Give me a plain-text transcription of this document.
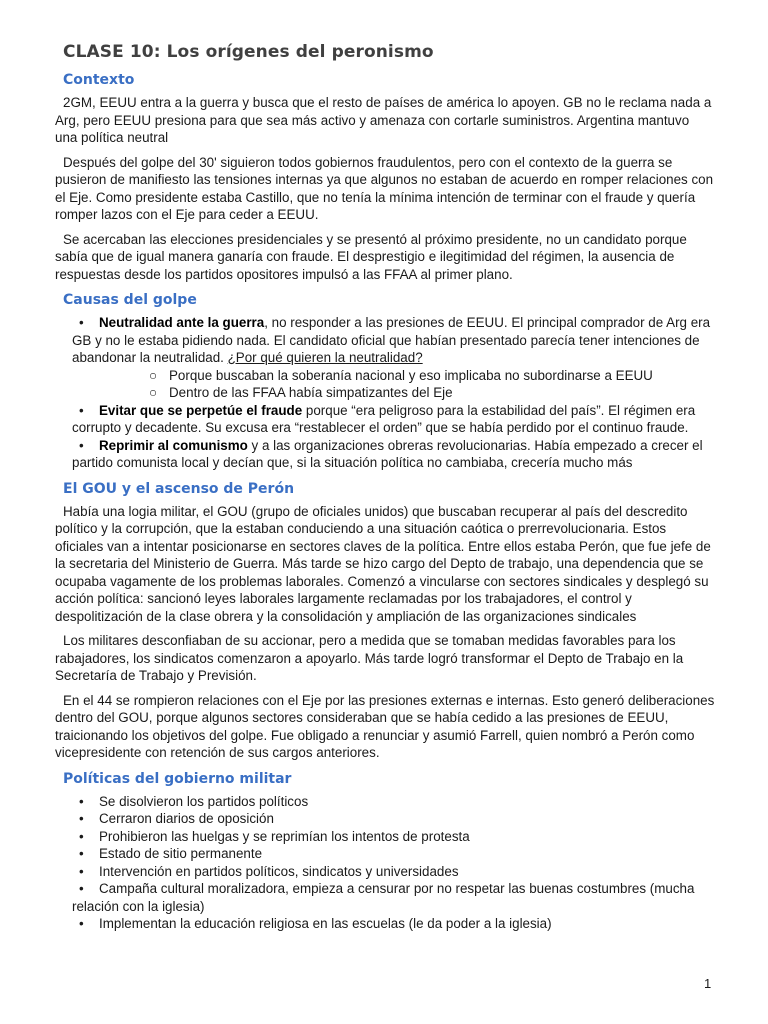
CLASE 10: Los orígenes del peronismo
Contexto

2GM, EEUU entra a la guerra y busca que el resto de países de américa lo apoyen. GB no le reclama nada a Arg, pero EEUU presiona para que sea más activo y amenaza con cortarle suministros. Argentina mantuvo una política neutral

Después del golpe del 30' siguieron todos gobiernos fraudulentos, pero con el contexto de la guerra se pusieron de manifiesto las tensiones internas ya que algunos no estaban de acuerdo en romper relaciones con el Eje. Como presidente estaba Castillo, que no tenía la mínima intención de terminar con el fraude y quería romper lazos con el Eje para ceder a EEUU.

Se acercaban las elecciones presidenciales y se presentó al próximo presidente, no un candidato porque sabía que de igual manera ganaría con fraude. El desprestigio e ilegitimidad del régimen, la ausencia de respuestas desde los partidos opositores impulsó a las FFAA al primer plano.

Causas del golpe
• Neutralidad ante la guerra, no responder a las presiones de EEUU. El principal comprador de Arg era GB y no le estaba pidiendo nada. El candidato oficial que habían presentado parecía tener intenciones de abandonar la neutralidad. ¿Por qué quieren la neutralidad?
○ Porque buscaban la soberanía nacional y eso implicaba no subordinarse a EEUU
○ Dentro de las FFAA había simpatizantes del Eje
• Evitar que se perpetúe el fraude porque “era peligroso para la estabilidad del país”. El régimen era corrupto y decadente. Su excusa era “restablecer el orden” que se había perdido por el continuo fraude.
• Reprimir al comunismo y a las organizaciones obreras revolucionarias. Había empezado a crecer el partido comunista local y decían que, si la situación política no cambiaba, crecería mucho más
El GOU y el ascenso de Perón

Había una logia militar, el GOU (grupo de oficiales unidos) que buscaban recuperar al país del descredito político y la corrupción, que la estaban conduciendo a una situación caótica o prerrevolucionaria. Estos oficiales van a intentar posicionarse en sectores claves de la política. Entre ellos estaba Perón, que fue jefe de la secretaria del Ministerio de Guerra. Más tarde se hizo cargo del Depto de trabajo, una dependencia que se ocupaba vagamente de los problemas laborales. Comenzó a vincularse con sectores sindicales y desplegó su acción política: sancionó leyes laborales largamente reclamadas por los trabajadores, el control y despolitización de la clase obrera y la consolidación y ampliación de las organizaciones sindicales

Los militares desconfiaban de su accionar, pero a medida que se tomaban medidas favorables para los rabajadores, los sindicatos comenzaron a apoyarlo. Más tarde logró transformar el Depto de Trabajo en la Secretaría de Trabajo y Previsión.

En el 44 se rompieron relaciones con el Eje por las presiones externas e internas. Esto generó deliberaciones dentro del GOU, porque algunos sectores consideraban que se había cedido a las presiones de EEUU, traicionando los objetivos del golpe. Fue obligado a renunciar y asumió Farrell, quien nombró a Perón como vicepresidente con retención de sus cargos anteriores.

Políticas del gobierno militar
• Se disolvieron los partidos políticos
• Cerraron diarios de oposición
• Prohibieron las huelgas y se reprimían los intentos de protesta
• Estado de sitio permanente
• Intervención en partidos políticos, sindicatos y universidades
• Campaña cultural moralizadora, empieza a censurar por no respetar las buenas costumbres (mucha relación con la iglesia)
• Implementan la educación religiosa en las escuelas (le da poder a la iglesia)
1
